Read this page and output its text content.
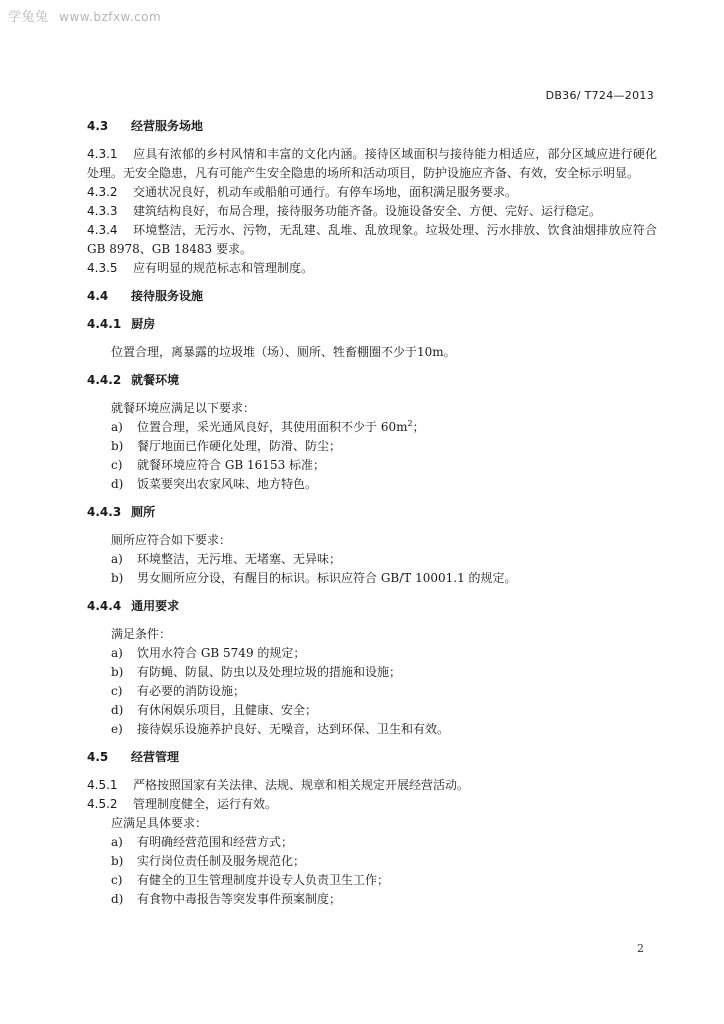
学兔兔 www.bzfxw.com
DB36/ T724—2013

4.3 经营服务场地

4.3.1 应具有浓郁的乡村风情和丰富的文化内涵。接待区域面积与接待能力相适应，部分区域应进行硬化处理。无安全隐患，凡有可能产生安全隐患的场所和活动项目，防护设施应齐备、有效，安全标示明显。

4.3.2 交通状况良好，机动车或船舶可通行。有停车场地，面积满足服务要求。

4.3.3 建筑结构良好，布局合理，接待服务功能齐备。设施设备安全、方便、完好、运行稳定。

4.3.4 环境整洁，无污水、污物，无乱建、乱堆、乱放现象。垃圾处理、污水排放、饮食油烟排放应符合 GB 8978、GB 18483 要求。

4.3.5 应有明显的规范标志和管理制度。

4.4 接待服务设施

4.4.1 厨房

位置合理，离暴露的垃圾堆（场）、厕所、牲畜棚圈不少于10m。

4.4.2 就餐环境

就餐环境应满足以下要求：

a)	位置合理，采光通风良好，其使用面积不少于 $60m^2$；
b)	餐厅地面已作硬化处理，防滑、防尘；
c)	就餐环境应符合 GB 16153 标准；
d)	饭菜要突出农家风味、地方特色。

4.4.3 厕所

厕所应符合如下要求：

a)	环境整洁，无污堆、无堵塞、无异味；
b)	男女厕所应分设，有醒目的标识。标识应符合 GB/T 10001.1 的规定。

4.4.4 通用要求

满足条件：

a)	饮用水符合 GB 5749 的规定；
b)	有防蝇、防鼠、防虫以及处理垃圾的措施和设施；
c)	有必要的消防设施；
d)	有休闲娱乐项目，且健康、安全；
e)	接待娱乐设施养护良好、无噪音，达到环保、卫生和有效。

4.5 经营管理

4.5.1 严格按照国家有关法律、法规、规章和相关规定开展经营活动。

4.5.2 管理制度健全，运行有效。

应满足具体要求：

a)	有明确经营范围和经营方式；
b)	实行岗位责任制及服务规范化；
c)	有健全的卫生管理制度并设专人负责卫生工作；
d)	有食物中毒报告等突发事件预案制度；
2
